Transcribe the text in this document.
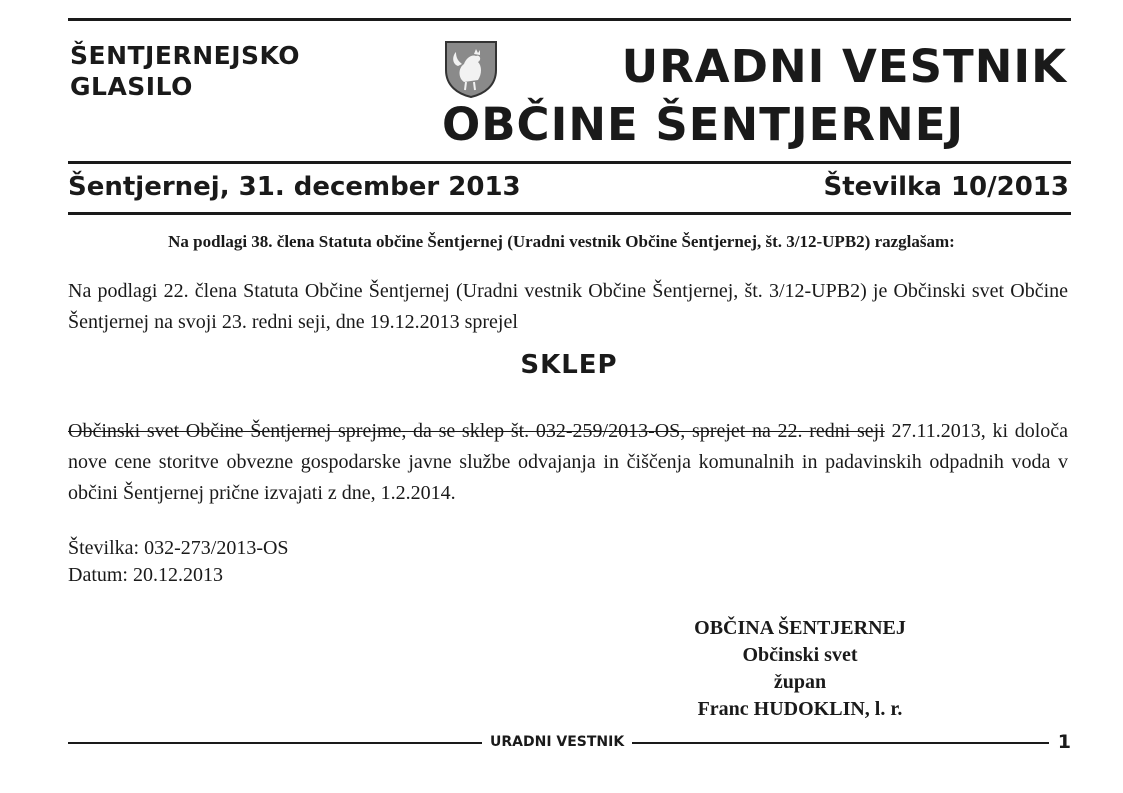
ŠENTJERNEJSKO
GLASILO	URADNI VESTNIK
OBČINE ŠENTJERNEJ
Šentjernej, 31. december 2013	Številka 10/2013
Na podlagi 38. člena Statuta občine Šentjernej (Uradni vestnik Občine Šentjernej, št. 3/12-UPB2) razglašam:
Na podlagi 22. člena Statuta Občine Šentjernej (Uradni vestnik Občine Šentjernej, št. 3/12-UPB2) je Občinski svet Občine Šentjernej na svoji 23. redni seji, dne 19.12.2013 sprejel
SKLEP
Občinski svet Občine Šentjernej sprejme, da se sklep št. 032-259/2013-OS, sprejet na 22. redni seji 27.11.2013, ki določa nove cene storitve obvezne gospodarske javne službe odvajanja in čiščenja komunalnih in padavinskih odpadnih voda v občini Šentjernej prične izvajati z dne, 1.2.2014.
Številka: 032-273/2013-OS
Datum: 20.12.2013
OBČINA ŠENTJERNEJ
Občinski svet
župan
Franc HUDOKLIN, l. r.
URADNI VESTNIK	1
